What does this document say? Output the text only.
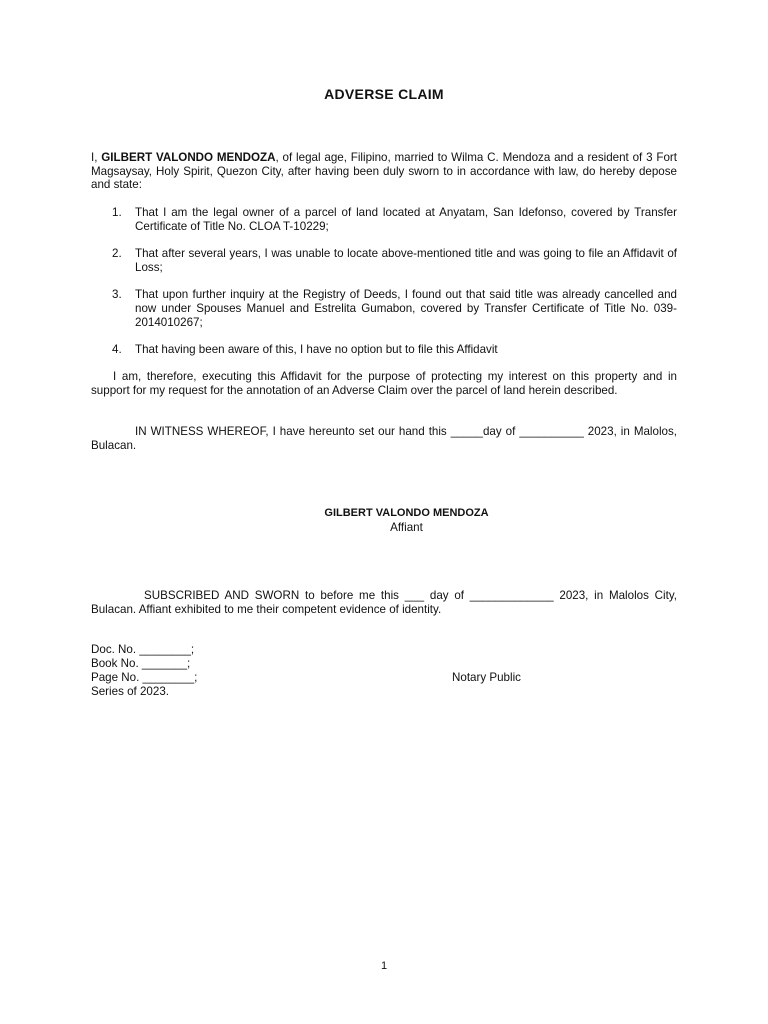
ADVERSE CLAIM

I, GILBERT VALONDO MENDOZA, of legal age, Filipino, married to Wilma C. Mendoza and a resident of 3 Fort Magsaysay, Holy Spirit, Quezon City, after having been duly sworn to in accordance with law, do hereby depose and state:

1. That I am the legal owner of a parcel of land located at Anyatam, San Idefonso, covered by Transfer Certificate of Title No. CLOA T-10229;
2. That after several years, I was unable to locate above-mentioned title and was going to file an Affidavit of Loss;
3. That upon further inquiry at the Registry of Deeds, I found out that said title was already cancelled and now under Spouses Manuel and Estrelita Gumabon, covered by Transfer Certificate of Title No. 039-2014010267;
4. That having been aware of this, I have no option but to file this Affidavit

I am, therefore, executing this Affidavit for the purpose of protecting my interest on this property and in support for my request for the annotation of an Adverse Claim over the parcel of land herein described.

IN WITNESS WHEREOF, I have hereunto set our hand this _____day of __________ 2023, in Malolos, Bulacan.

GILBERT VALONDO MENDOZA
Affiant

SUBSCRIBED AND SWORN to before me this ___ day of _____________ 2023, in Malolos City, Bulacan. Affiant exhibited to me their competent evidence of identity.

Doc. No. ________;
Book No. _______;
Page No. ________;
Series of 2023.
Notary Public
1
